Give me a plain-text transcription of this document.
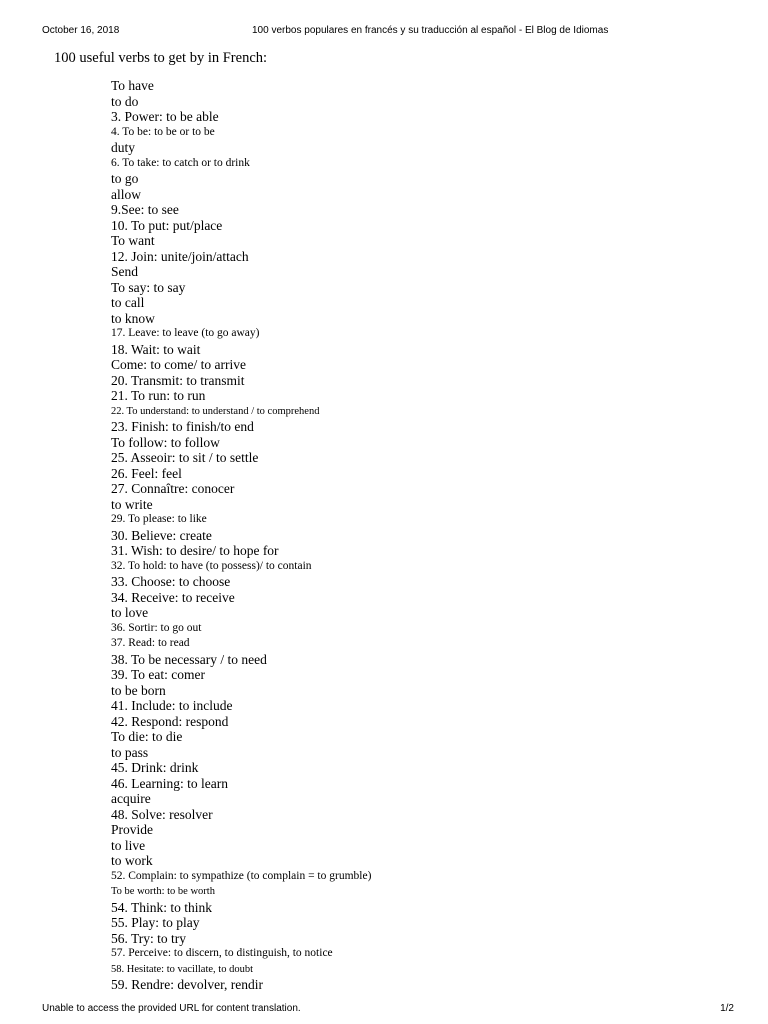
October 16, 2018	100 verbos populares en francés y su traducción al español - El Blog de Idiomas
100 useful verbs to get by in French:
To have
to do
3. Power: to be able
4. To be: to be or to be
duty
6. To take: to catch or to drink
to go
allow
9.See: to see
10. To put: put/place
To want
12. Join: unite/join/attach
Send
To say: to say
to call
to know
17. Leave: to leave (to go away)
18. Wait: to wait
Come: to come/ to arrive
20. Transmit: to transmit
21. To run: to run
22. To understand: to understand / to comprehend
23. Finish: to finish/to end
To follow: to follow
25. Asseoir: to sit / to settle
26. Feel: feel
27. Connaître: conocer
to write
29. To please: to like
30. Believe: create
31. Wish: to desire/ to hope for
32. To hold: to have (to possess)/ to contain
33. Choose: to choose
34. Receive: to receive
to love
36. Sortir: to go out
37. Read: to read
38. To be necessary / to need
39. To eat: comer
to be born
41. Include: to include
42. Respond: respond
To die: to die
to pass
45. Drink: drink
46. Learning: to learn
acquire
48. Solve: resolver
Provide
to live
to work
52. Complain: to sympathize (to complain = to grumble)
To be worth: to be worth
54. Think: to think
55. Play: to play
56. Try: to try
57. Perceive: to discern, to distinguish, to notice
58. Hesitate: to vacillate, to doubt
59. Rendre: devolver, rendir
Unable to access the provided URL for content translation.	1/2
